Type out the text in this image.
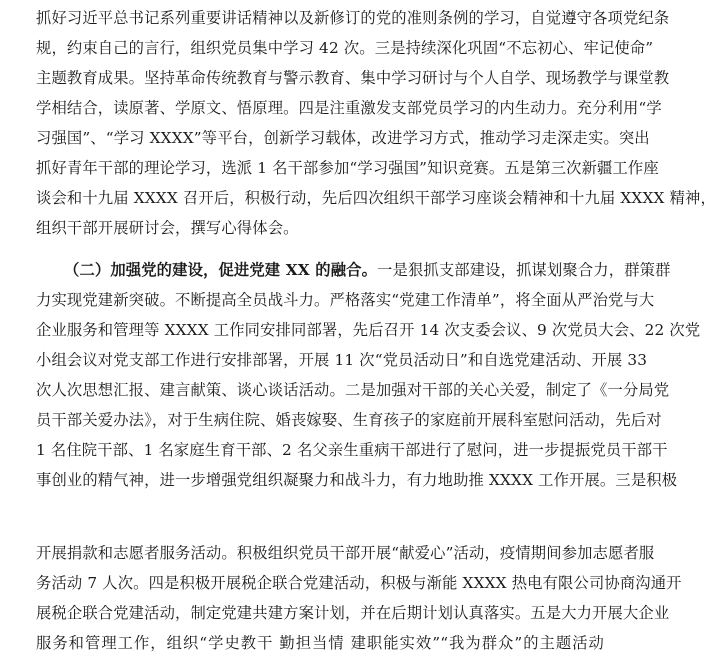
抓好习近平总书记系列重要讲话精神以及新修订的党的准则条例的学习，自觉遵守各项党纪条
规，约束自己的言行，组织党员集中学习 42 次。三是持续深化巩固“不忘初心、牢记使命”
主题教育成果。坚持革命传统教育与警示教育、集中学习研讨与个人自学、现场教学与课堂教
学相结合，读原著、学原文、悟原理。四是注重激发支部党员学习的内生动力。充分利用“学
习强国”、“学习 XXXX”等平台，创新学习载体，改进学习方式，推动学习走深走实。突出
抓好青年干部的理论学习，选派 1 名干部参加“学习强国”知识竞赛。五是第三次新疆工作座
谈会和十九届 XXXX 召开后，积极行动，先后四次组织干部学习座谈会精神和十九届 XXXX 精神，
组织干部开展研讨会，撰写心得体会。
（二）加强党的建设，促进党建 XX 的融合。一是狠抓支部建设，抓谋划聚合力，群策群
力实现党建新突破。不断提高全员战斗力。严格落实“党建工作清单”，将全面从严治党与大
企业服务和管理等 XXXX 工作同安排同部署，先后召开 14 次支委会议、9 次党员大会、22 次党
小组会议对党支部工作进行安排部署，开展 11 次“党员活动日”和自选党建活动、开展 33
次人次思想汇报、建言献策、谈心谈话活动。二是加强对干部的关心关爱，制定了《一分局党
员干部关爱办法》，对于生病住院、婚丧嫁娶、生育孩子的家庭前开展科室慰问活动，先后对
1 名住院干部、1 名家庭生育干部、2 名父亲生重病干部进行了慰问，进一步提振党员干部干
事创业的精气神，进一步增强党组织凝聚力和战斗力，有力地助推 XXXX 工作开展。三是积极
开展捐款和志愿者服务活动。积极组织党员干部开展“献爱心”活动，疫情期间参加志愿者服
务活动 7 人次。四是积极开展税企联合党建活动，积极与渐能 XXXX 热电有限公司协商沟通开
展税企联合党建活动，制定党建共建方案计划，并在后期计划认真落实。五是大力开展大企业
服务和管理工作，组织“学史教干 勤担当情 建职能实效”“我为群众”的主题活动
